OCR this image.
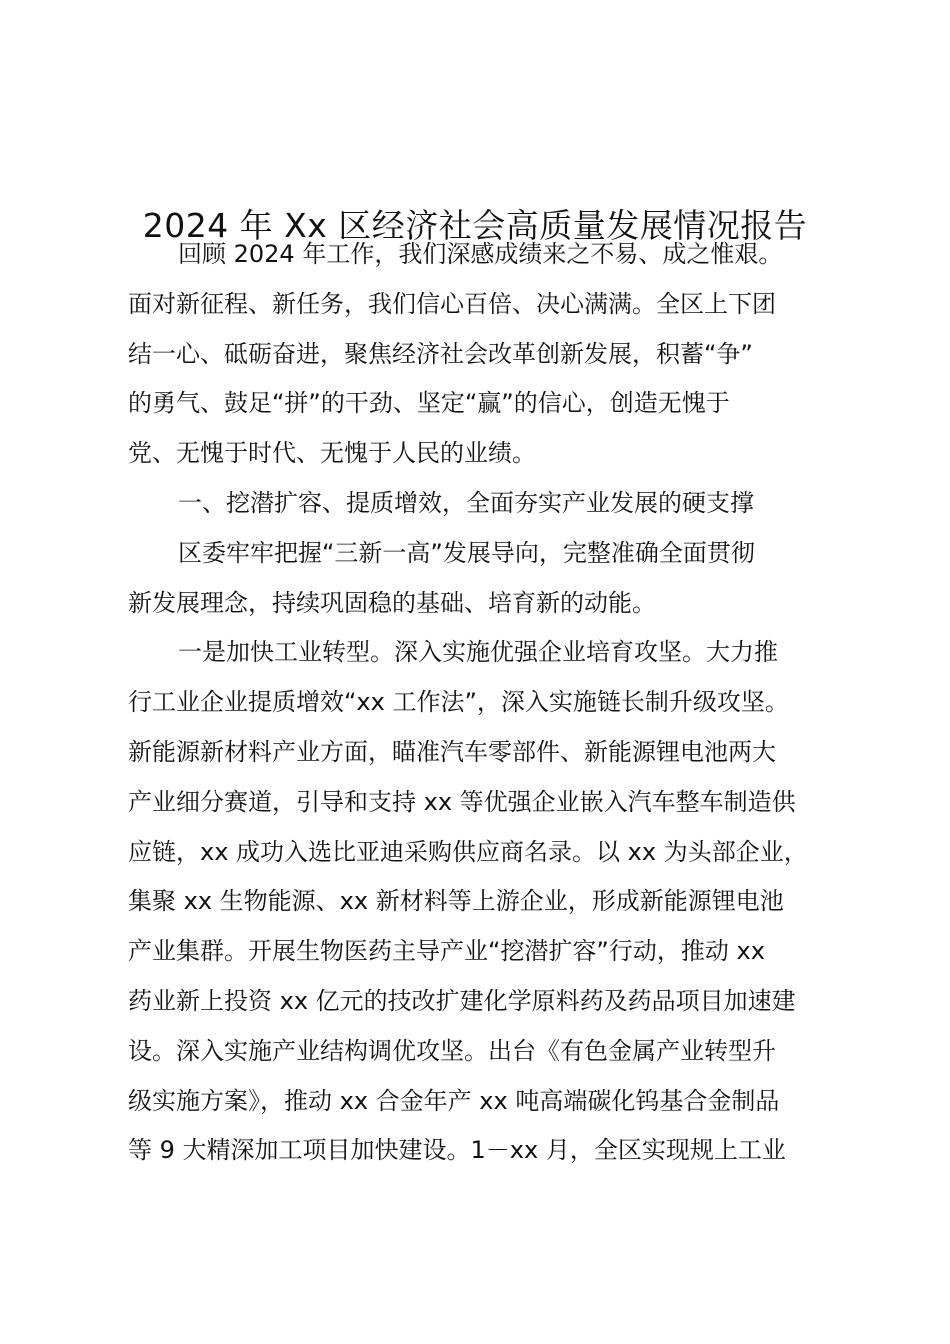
2024 年 Xx 区经济社会高质量发展情况报告
回顾 2024 年工作，我们深感成绩来之不易、成之惟艰。
面对新征程、新任务，我们信心百倍、决心满满。全区上下团
结一心、砥砺奋进，聚焦经济社会改革创新发展，积蓄“争”
的勇气、鼓足“拼”的干劲、坚定“赢”的信心，创造无愧于
党、无愧于时代、无愧于人民的业绩。
一、挖潜扩容、提质增效，全面夯实产业发展的硬支撑
区委牢牢把握“三新一高”发展导向，完整准确全面贯彻
新发展理念，持续巩固稳的基础、培育新的动能。
一是加快工业转型。深入实施优强企业培育攻坚。大力推
行工业企业提质增效“xx 工作法”，深入实施链长制升级攻坚。
新能源新材料产业方面，瞄准汽车零部件、新能源锂电池两大
产业细分赛道，引导和支持 xx 等优强企业嵌入汽车整车制造供
应链，xx 成功入选比亚迪采购供应商名录。以 xx 为头部企业，
集聚 xx 生物能源、xx 新材料等上游企业，形成新能源锂电池
产业集群。开展生物医药主导产业“挖潜扩容”行动，推动 xx
药业新上投资 xx 亿元的技改扩建化学原料药及药品项目加速建
设。深入实施产业结构调优攻坚。出台《有色金属产业转型升
级实施方案》，推动 xx 合金年产 xx 吨高端碳化钨基合金制品
等 9 大精深加工项目加快建设。1－xx 月，全区实现规上工业
